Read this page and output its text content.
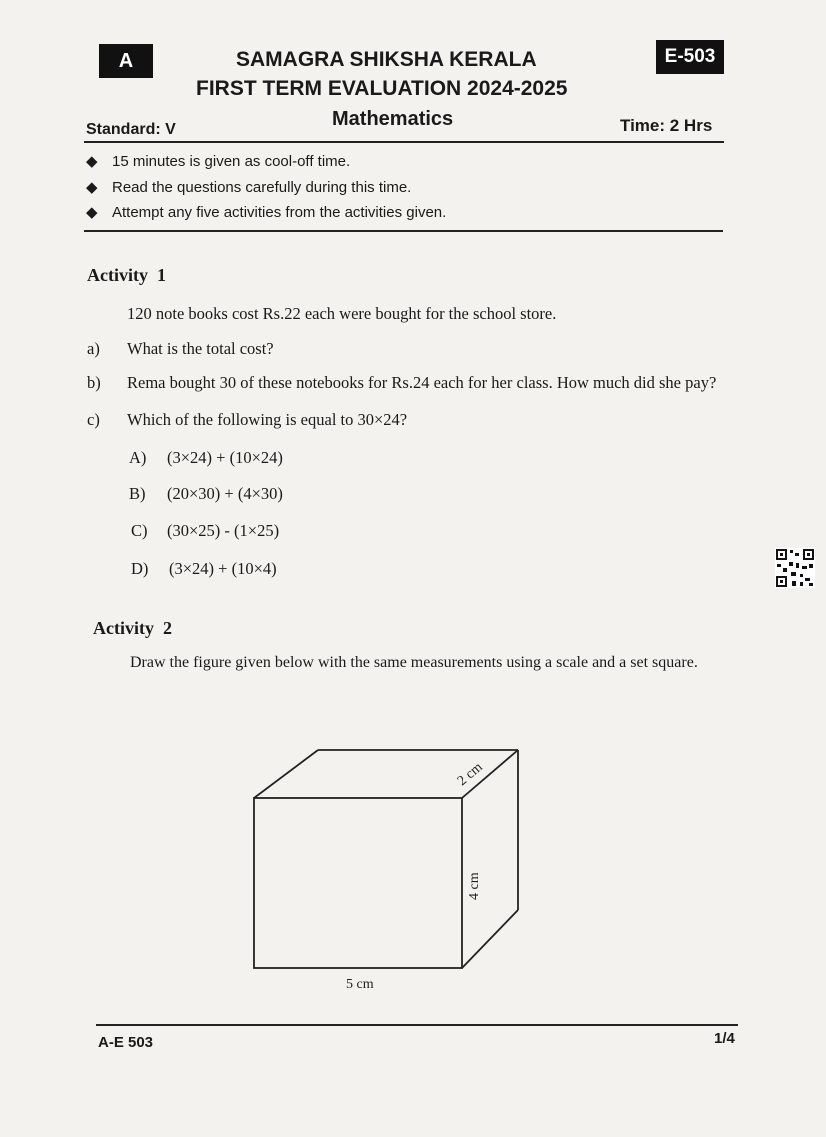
A	SAMAGRA SHIKSHA KERALA	E-503
FIRST TERM EVALUATION 2024-2025
Standard: V	Mathematics	Time: 2 Hrs
◆ 15 minutes is given as cool-off time.
◆ Read the questions carefully during this time.
◆ Attempt any five activities from the activities given.
Activity  1
120 note books cost Rs.22 each were bought for the school store.
a) What is the total cost?
b) Rema bought 30 of these notebooks for Rs.24 each for her class. How much did she pay?
c) Which of the following is equal to 30×24?
A) (3×24) + (10×24)
B) (20×30) + (4×30)
C) (30×25) - (1×25)
D) (3×24) + (10×4)
Activity  2
Draw the figure given below with the same measurements using a scale and a set square.
2 cm
4 cm
5 cm
A-E 503	1/4
